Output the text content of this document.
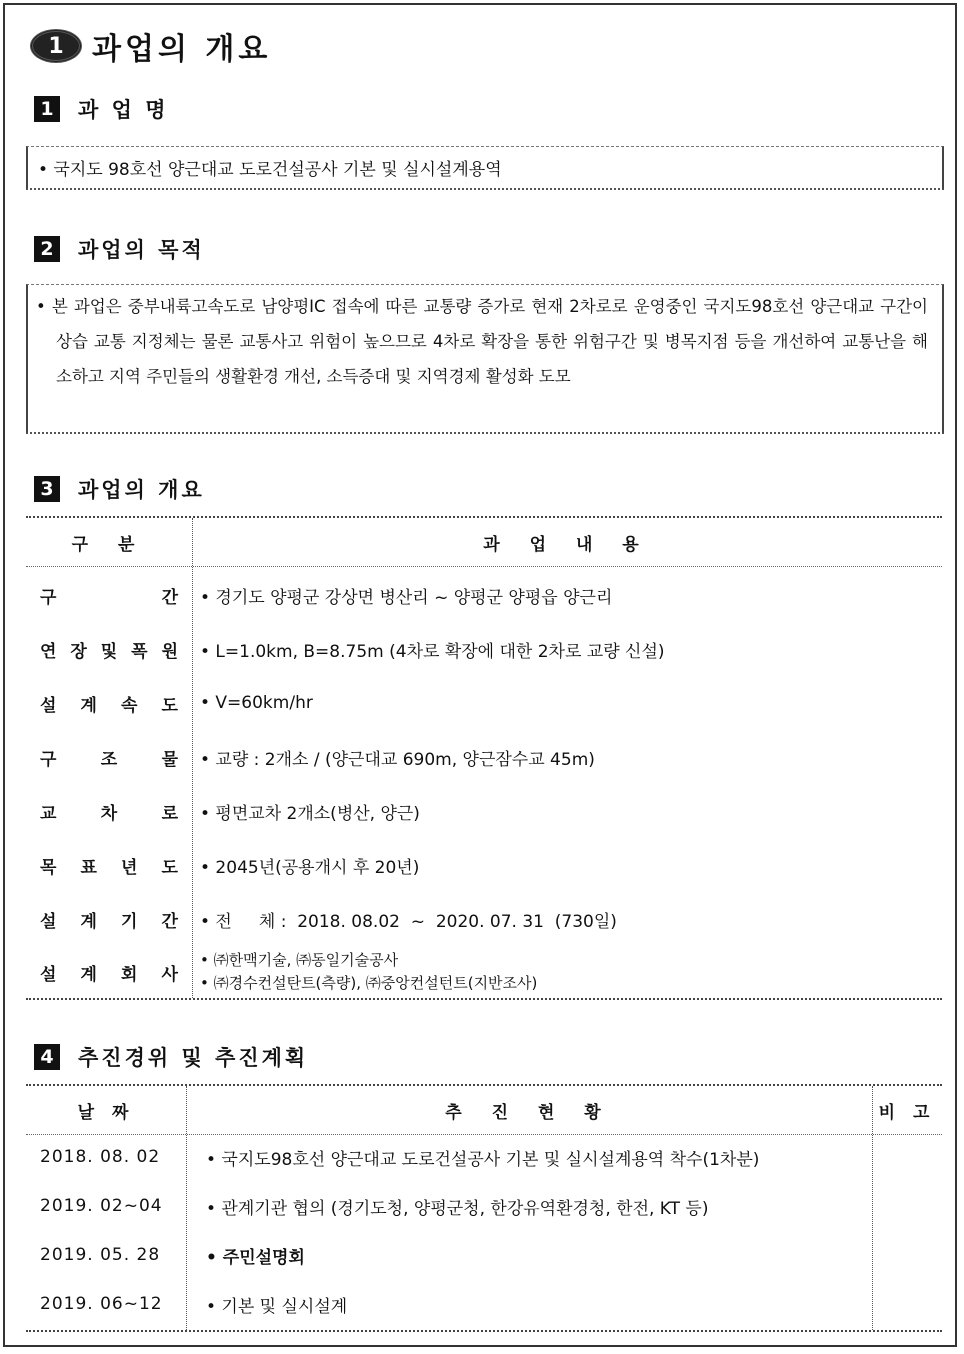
1 과업의 개요
1	과 업 명
• 국지도 98호선 양근대교 도로건설공사 기본 및 실시설계용역
2	과업의 목적
• 본 과업은 중부내륙고속도로 남양평IC 접속에 따른 교통량 증가로 현재 2차로로 운영중인 국지도98호선 양근대교 구간이 상습 교통 지정체는 물론 교통사고 위험이 높으므로 4차로 확장을 통한 위험구간 및 병목지점 등을 개선하여 교통난을 해소하고 지역 주민들의 생활환경 개선, 소득증대 및 지역경제 활성화 도모
3	과업의 개요
구 분	과 업 내 용
구	간 • 경기도 양평군 강상면 병산리 ~ 양평군 양평읍 양근리
연 장 및 폭 원 • L=1.0km, B=8.75m (4차로 확장에 대한 2차로 교량 신설)
설 계 속 도 • V=60km/hr
구	조	물 • 교량 : 2개소 / (양근대교 690m, 양근잠수교 45m)
교	차	로 • 평면교차 2개소(병산, 양근)
목 표 년 도 • 2045년(공용개시 후 20년)
설 계 기 간 • 전     체 :  2018. 08.02  ~  2020. 07. 31  (730일)
설 계 회 사
• ㈜한맥기술, ㈜동일기술공사
• ㈜경수컨설탄트(측량), ㈜중앙컨설턴트(지반조사)
4	추진경위 및 추진계획
날 짜	추 진 현 황	비 고
2018. 08. 02	• 국지도98호선 양근대교 도로건설공사 기본 및 실시설계용역 착수(1차분)
2019. 02~04	• 관계기관 협의 (경기도청, 양평군청, 한강유역환경청, 한전, KT 등)
2019. 05. 28	• 주민설명회
2019. 06~12	• 기본 및 실시설계
